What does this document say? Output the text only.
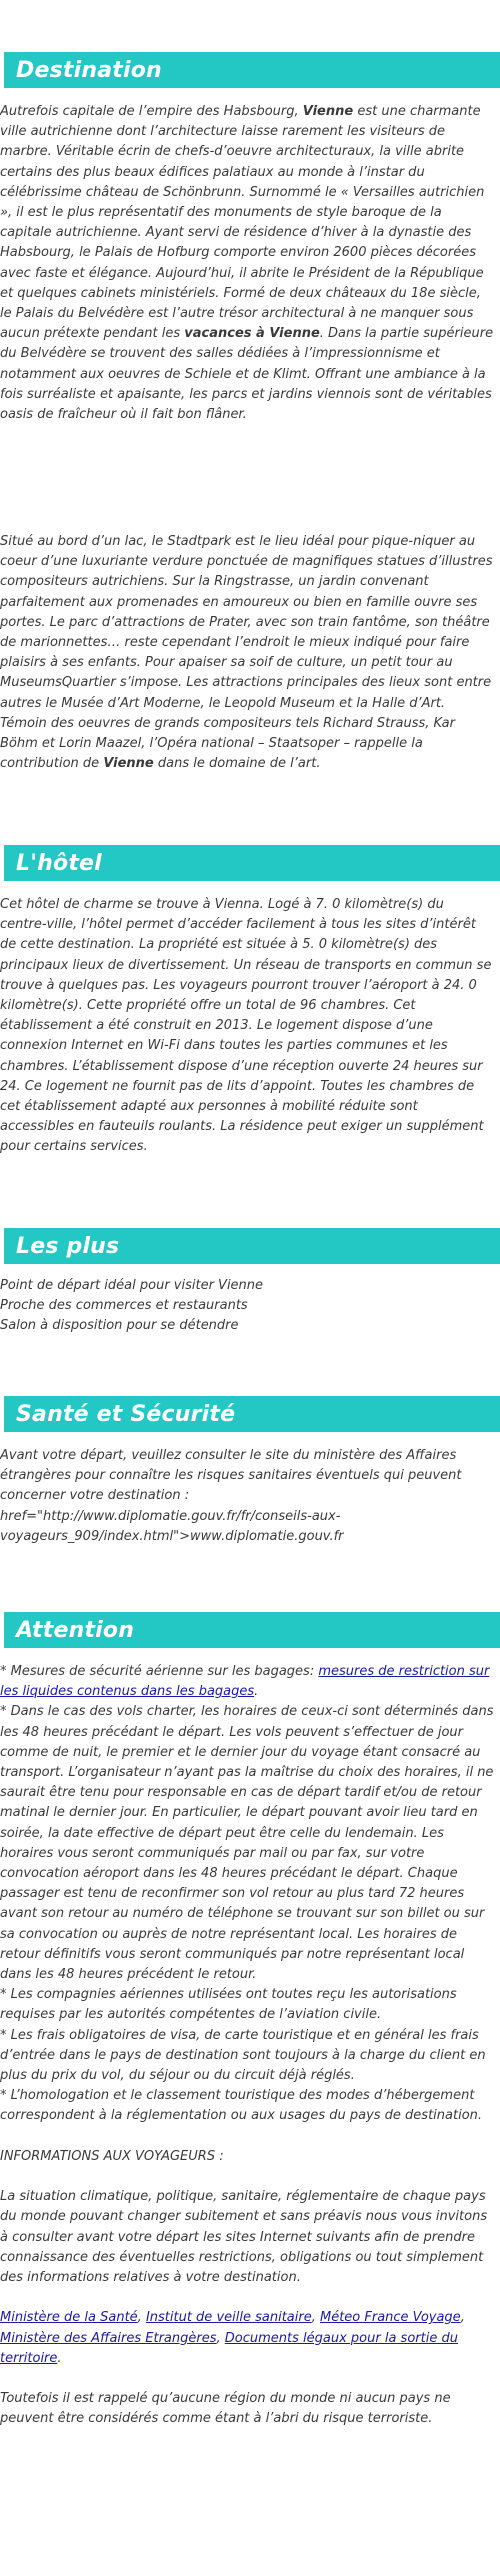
Destination

Autrefois capitale de l’empire des Habsbourg, Vienne est une charmante ville autrichienne dont l’architecture laisse rarement les visiteurs de marbre. Véritable écrin de chefs-d’oeuvre architecturaux, la ville abrite certains des plus beaux édifices palatiaux au monde à l’instar du célébrissime château de Schönbrunn. Surnommé le « Versailles autrichien », il est le plus représentatif des monuments de style baroque de la capitale autrichienne. Ayant servi de résidence d’hiver à la dynastie des Habsbourg, le Palais de Hofburg comporte environ 2600 pièces décorées avec faste et élégance. Aujourd’hui, il abrite le Président de la République et quelques cabinets ministériels. Formé de deux châteaux du 18e siècle, le Palais du Belvédère est l’autre trésor architectural à ne manquer sous aucun prétexte pendant les vacances à Vienne. Dans la partie supérieure du Belvédère se trouvent des salles dédiées à l’impressionnisme et notamment aux oeuvres de Schiele et de Klimt. Offrant une ambiance à la fois surréaliste et apaisante, les parcs et jardins viennois sont de véritables oasis de fraîcheur où il fait bon flâner.

Situé au bord d’un lac, le Stadtpark est le lieu idéal pour pique-niquer au coeur d’une luxuriante verdure ponctuée de magnifiques statues d’illustres compositeurs autrichiens. Sur la Ringstrasse, un jardin convenant parfaitement aux promenades en amoureux ou bien en famille ouvre ses portes. Le parc d’attractions de Prater, avec son train fantôme, son théâtre de marionnettes… reste cependant l’endroit le mieux indiqué pour faire plaisirs à ses enfants. Pour apaiser sa soif de culture, un petit tour au MuseumsQuartier s’impose. Les attractions principales des lieux sont entre autres le Musée d’Art Moderne, le Leopold Museum et la Halle d’Art. Témoin des oeuvres de grands compositeurs tels Richard Strauss, Kar Böhm et Lorin Maazel, l’Opéra national – Staatsoper – rappelle la contribution de Vienne dans le domaine de l’art.

L'hôtel

Cet hôtel de charme se trouve à Vienna. Logé à 7. 0 kilomètre(s) du centre-ville, l’hôtel permet d’accéder facilement à tous les sites d’intérêt de cette destination. La propriété est située à 5. 0 kilomètre(s) des principaux lieux de divertissement. Un réseau de transports en commun se trouve à quelques pas. Les voyageurs pourront trouver l’aéroport à 24. 0 kilomètre(s). Cette propriété offre un total de 96 chambres. Cet établissement a été construit en 2013. Le logement dispose d’une connexion Internet en Wi-Fi dans toutes les parties communes et les chambres. L’établissement dispose d’une réception ouverte 24 heures sur 24. Ce logement ne fournit pas de lits d’appoint. Toutes les chambres de cet établissement adapté aux personnes à mobilité réduite sont accessibles en fauteuils roulants. La résidence peut exiger un supplément pour certains services.

Les plus
Point de départ idéal pour visiter Vienne
Proche des commerces et restaurants
Salon à disposition pour se détendre
Santé et Sécurité

Avant votre départ, veuillez consulter le site du ministère des Affaires étrangères pour connaître les risques sanitaires éventuels qui peuvent concerner votre destination : href="http://www.diplomatie.gouv.fr/fr/conseils-aux-voyageurs_909/index.html">www.diplomatie.gouv.fr

Attention

* Mesures de sécurité aérienne sur les bagages: mesures de restriction sur les liquides contenus dans les bagages.

* Dans le cas des vols charter, les horaires de ceux-ci sont déterminés dans les 48 heures précédant le départ. Les vols peuvent s’effectuer de jour comme de nuit, le premier et le dernier jour du voyage étant consacré au transport. L’organisateur n’ayant pas la maîtrise du choix des horaires, il ne saurait être tenu pour responsable en cas de départ tardif et/ou de retour matinal le dernier jour. En particulier, le départ pouvant avoir lieu tard en soirée, la date effective de départ peut être celle du lendemain. Les horaires vous seront communiqués par mail ou par fax, sur votre convocation aéroport dans les 48 heures précédant le départ. Chaque passager est tenu de reconfirmer son vol retour au plus tard 72 heures avant son retour au numéro de téléphone se trouvant sur son billet ou sur sa convocation ou auprès de notre représentant local. Les horaires de retour définitifs vous seront communiqués par notre représentant local dans les 48 heures précédent le retour.

* Les compagnies aériennes utilisées ont toutes reçu les autorisations requises par les autorités compétentes de l’aviation civile.

* Les frais obligatoires de visa, de carte touristique et en général les frais d’entrée dans le pays de destination sont toujours à la charge du client en plus du prix du vol, du séjour ou du circuit déjà réglés.

* L’homologation et le classement touristique des modes d’hébergement correspondent à la réglementation ou aux usages du pays de destination.

INFORMATIONS AUX VOYAGEURS :

La situation climatique, politique, sanitaire, réglementaire de chaque pays du monde pouvant changer subitement et sans préavis nous vous invitons à consulter avant votre départ les sites Internet suivants afin de prendre connaissance des éventuelles restrictions, obligations ou tout simplement des informations relatives à votre destination.

Ministère de la Santé, Institut de veille sanitaire, Méteo France Voyage, Ministère des Affaires Etrangères, Documents légaux pour la sortie du territoire.

Toutefois il est rappelé qu’aucune région du monde ni aucun pays ne peuvent être considérés comme étant à l’abri du risque terroriste.
